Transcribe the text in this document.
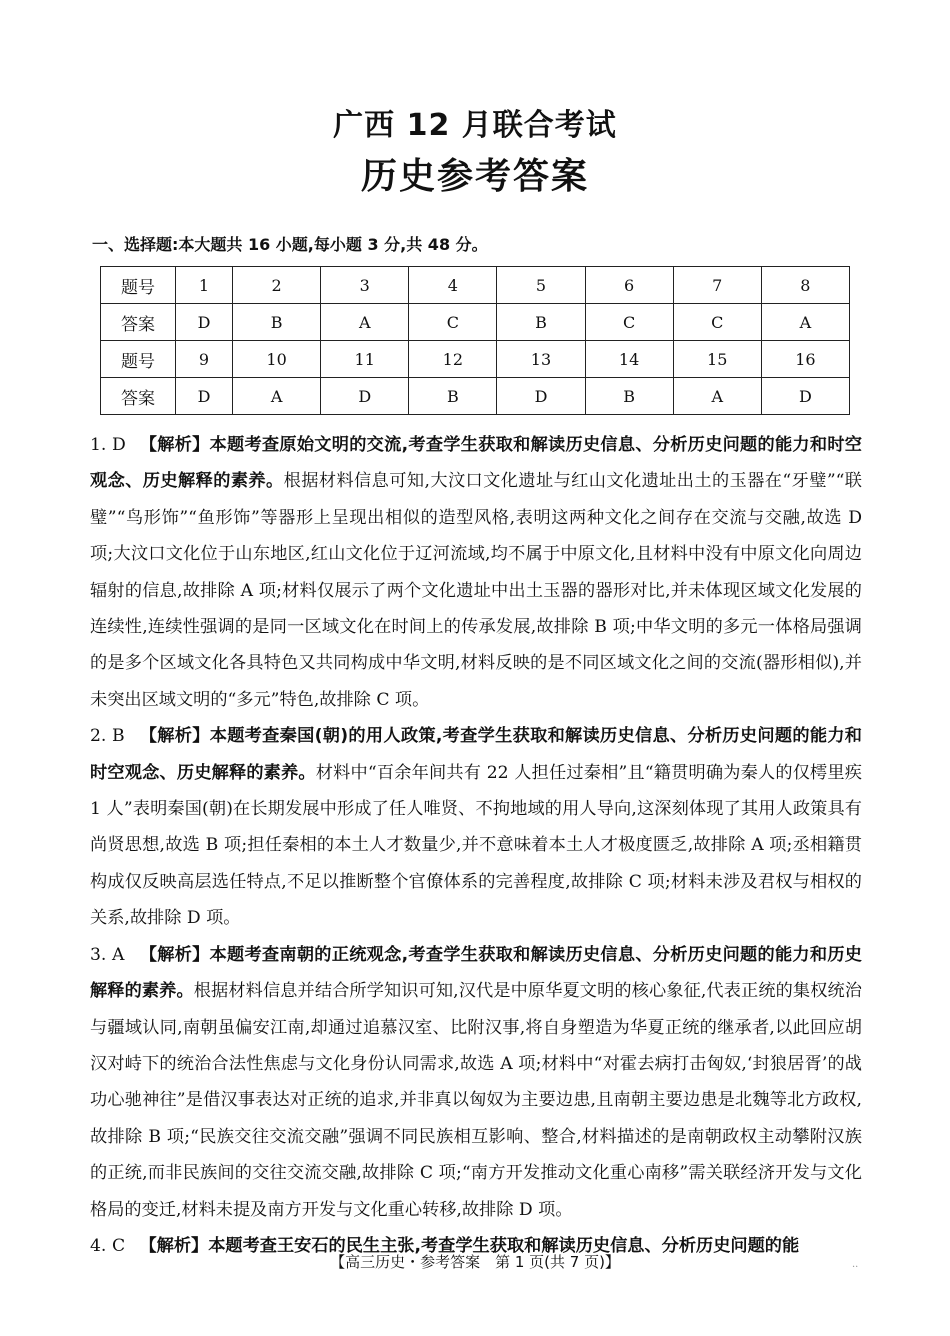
广西 12 月联合考试
历史参考答案
一、选择题:本大题共 16 小题,每小题 3 分,共 48 分。
题号	1	2	3	4	5	6	7	8
答案	D	B	A	C	B	C	C	A
题号	9	10	11	12	13	14	15	16
答案	D	A	D	B	D	B	A	D
1. D 【解析】本题考查原始文明的交流,考查学生获取和解读历史信息、分析历史问题的能力和时空观念、历史解释的素养。根据材料信息可知,大汶口文化遗址与红山文化遗址出土的玉器在“牙璧”“联璧”“鸟形饰”“鱼形饰”等器形上呈现出相似的造型风格,表明这两种文化之间存在交流与交融,故选 D 项;大汶口文化位于山东地区,红山文化位于辽河流域,均不属于中原文化,且材料中没有中原文化向周边辐射的信息,故排除 A 项;材料仅展示了两个文化遗址中出土玉器的器形对比,并未体现区域文化发展的连续性,连续性强调的是同一区域文化在时间上的传承发展,故排除 B 项;中华文明的多元一体格局强调的是多个区域文化各具特色又共同构成中华文明,材料反映的是不同区域文化之间的交流(器形相似),并未突出区域文明的“多元”特色,故排除 C 项。
2. B 【解析】本题考查秦国(朝)的用人政策,考查学生获取和解读历史信息、分析历史问题的能力和时空观念、历史解释的素养。材料中“百余年间共有 22 人担任过秦相”且“籍贯明确为秦人的仅樗里疾 1 人”表明秦国(朝)在长期发展中形成了任人唯贤、不拘地域的用人导向,这深刻体现了其用人政策具有尚贤思想,故选 B 项;担任秦相的本土人才数量少,并不意味着本土人才极度匮乏,故排除 A 项;丞相籍贯构成仅反映高层选任特点,不足以推断整个官僚体系的完善程度,故排除 C 项;材料未涉及君权与相权的关系,故排除 D 项。
3. A 【解析】本题考查南朝的正统观念,考查学生获取和解读历史信息、分析历史问题的能力和历史解释的素养。根据材料信息并结合所学知识可知,汉代是中原华夏文明的核心象征,代表正统的集权统治与疆域认同,南朝虽偏安江南,却通过追慕汉室、比附汉事,将自身塑造为华夏正统的继承者,以此回应胡汉对峙下的统治合法性焦虑与文化身份认同需求,故选 A 项;材料中“对霍去病打击匈奴,‘封狼居胥’的战功心驰神往”是借汉事表达对正统的追求,并非真以匈奴为主要边患,且南朝主要边患是北魏等北方政权,故排除 B 项;“民族交往交流交融”强调不同民族相互影响、整合,材料描述的是南朝政权主动攀附汉族的正统,而非民族间的交往交流交融,故排除 C 项;“南方开发推动文化重心南移”需关联经济开发与文化格局的变迁,材料未提及南方开发与文化重心转移,故排除 D 项。
4. C 【解析】本题考查王安石的民生主张,考查学生获取和解读历史信息、分析历史问题的能
【高三历史・参考答案　第 1 页(共 7 页)】	··
